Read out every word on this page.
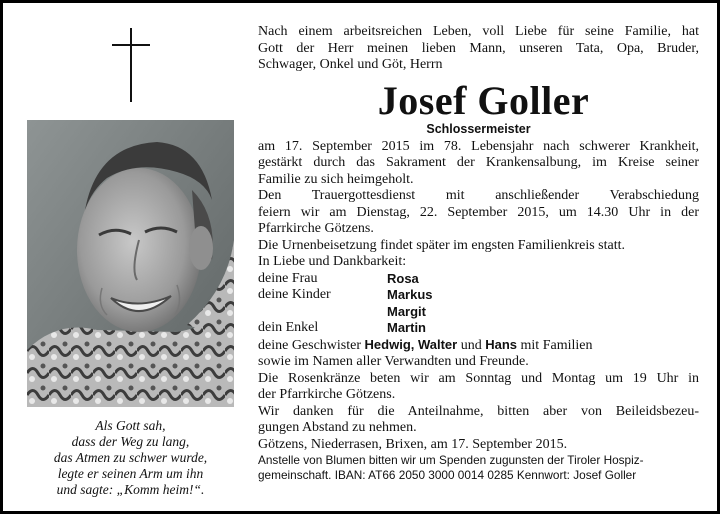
Als Gott sah,
dass der Weg zu lang,
das Atmen zu schwer wurde,
legte er seinen Arm um ihn
und sagte: „Komm heim!“.

Nach einem arbeitsreichen Leben, voll Liebe für seine Familie, hat

Gott der Herr meinen lieben Mann, unseren Tata, Opa, Bruder,

Schwager, Onkel und Göt, Herrn

Josef Goller
Schlossermeister

am 17. September 2015 im 78. Lebensjahr nach schwerer Krankheit,

gestärkt durch das Sakrament der Krankensalbung, im Kreise seiner

Familie zu sich heimgeholt.

Den Trauergottesdienst mit anschließender Verabschiedung

feiern wir am Dienstag, 22. September 2015, um 14.30 Uhr in der

Pfarrkirche Götzens.

Die Urnenbeisetzung findet später im engsten Familienkreis statt.

In Liebe und Dankbarkeit:

deine Frau	Rosa
deine Kinder	Markus
Margit
dein Enkel	Martin

deine Geschwister Hedwig, Walter und Hans mit Familien

sowie im Namen aller Verwandten und Freunde.

Die Rosenkränze beten wir am Sonntag und Montag um 19 Uhr in

der Pfarrkirche Götzens.

Wir danken für die Anteilnahme, bitten aber von Beileidsbezeu-

gungen Abstand zu nehmen.

Götzens, Niederrasen, Brixen, am 17. September 2015.

Anstelle von Blumen bitten wir um Spenden zugunsten der Tiroler Hospiz-

gemeinschaft. IBAN: AT66 2050 3000 0014 0285 Kennwort: Josef Goller
